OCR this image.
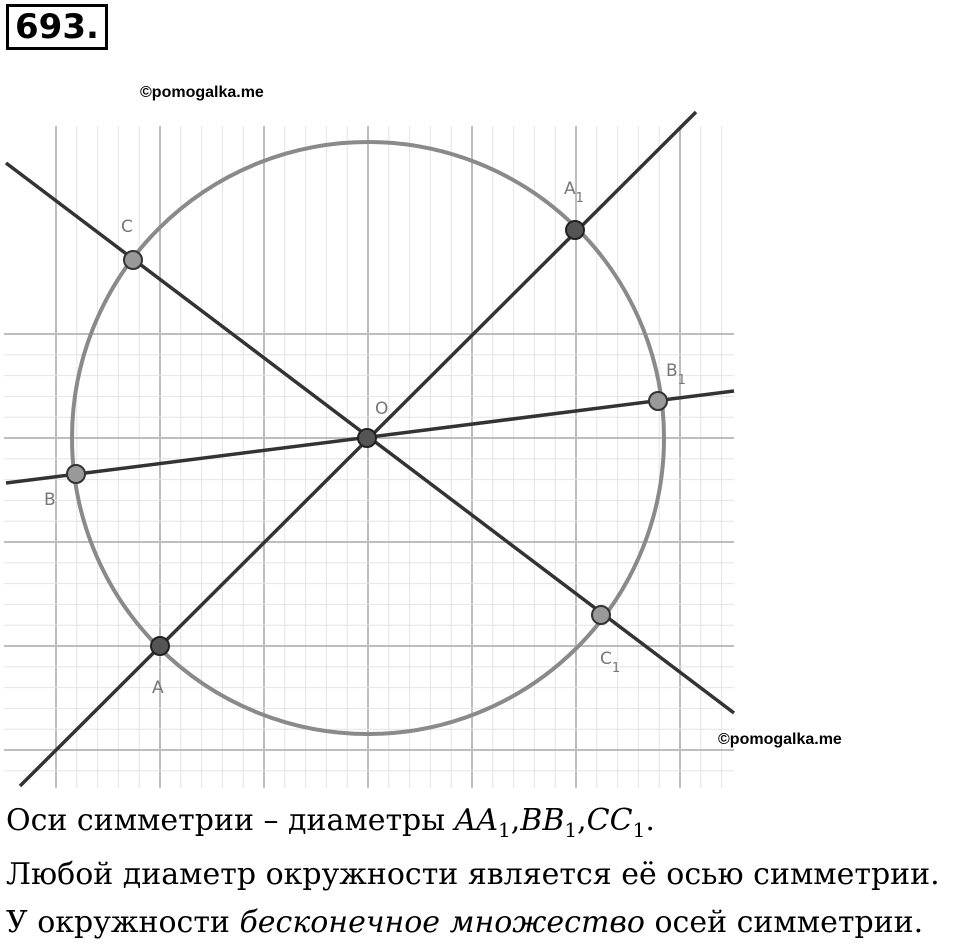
693.
©pomogalka.me
O
A
$A_1$
B
$B_1$
C
$C_1$
©pomogalka.me
Оси симметрии – диаметры $AA_1,BB_1,CC_1$.
Любой диаметр окружности является её осью симметрии.
У окружности бесконечное множество осей симметрии.
